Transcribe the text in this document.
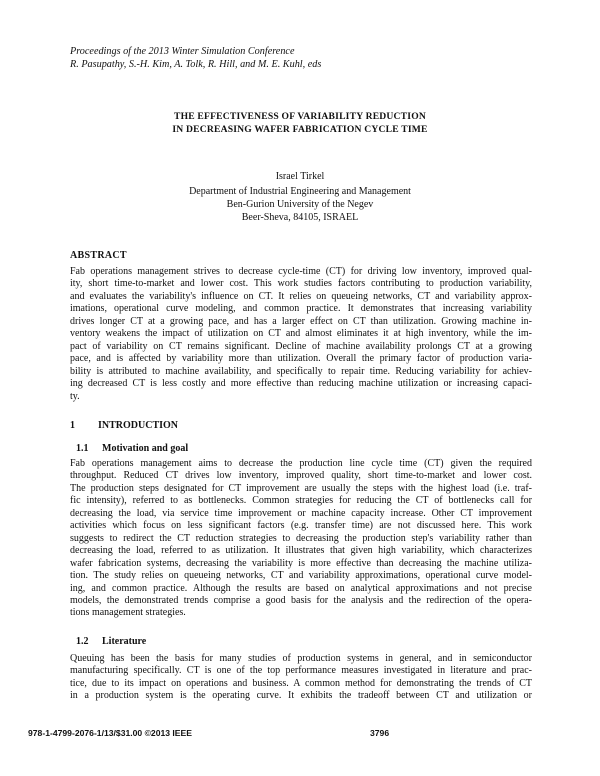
Proceedings of the 2013 Winter Simulation Conference
R. Pasupathy, S.-H. Kim, A. Tolk, R. Hill, and M. E. Kuhl, eds
THE EFFECTIVENESS OF VARIABILITY REDUCTION
IN DECREASING WAFER FABRICATION CYCLE TIME
Israel Tirkel
Department of Industrial Engineering and Management
Ben-Gurion University of the Negev
Beer-Sheva, 84105, ISRAEL
ABSTRACT
Fab operations management strives to decrease cycle-time (CT) for driving low inventory, improved qual-
ity, short time-to-market and lower cost. This work studies factors contributing to production variability,
and evaluates the variability's influence on CT. It relies on queueing networks, CT and variability approx-
imations, operational curve modeling, and common practice. It demonstrates that increasing variability
drives longer CT at a growing pace, and has a larger effect on CT than utilization. Growing machine in-
ventory weakens the impact of utilization on CT and almost eliminates it at high inventory, while the im-
pact of variability on CT remains significant. Decline of machine availability prolongs CT at a growing
pace, and is affected by variability more than utilization. Overall the primary factor of production varia-
bility is attributed to machine availability, and specifically to repair time. Reducing variability for achiev-
ing decreased CT is less costly and more effective than reducing machine utilization or increasing capaci-
ty.
1 INTRODUCTION
1.1 Motivation and goal
Fab operations management aims to decrease the production line cycle time (CT) given the required
throughput. Reduced CT drives low inventory, improved quality, short time-to-market and lower cost.
The production steps designated for CT improvement are usually the steps with the highest load (i.e. traf-
fic intensity), referred to as bottlenecks. Common strategies for reducing the CT of bottlenecks call for
decreasing the load, via service time improvement or machine capacity increase. Other CT improvement
activities which focus on less significant factors (e.g. transfer time) are not discussed here. This work
suggests to redirect the CT reduction strategies to decreasing the production step's variability rather than
decreasing the load, referred to as utilization. It illustrates that given high variability, which characterizes
wafer fabrication systems, decreasing the variability is more effective than decreasing the machine utiliza-
tion. The study relies on queueing networks, CT and variability approximations, operational curve model-
ing, and common practice. Although the results are based on analytical approximations and not precise
models, the demonstrated trends comprise a good basis for the analysis and the redirection of the opera-
tions management strategies.
1.2 Literature
Queuing has been the basis for many studies of production systems in general, and in semiconductor
manufacturing specifically. CT is one of the top performance measures investigated in literature and prac-
tice, due to its impact on operations and business. A common method for demonstrating the trends of CT
in a production system is the operating curve. It exhibits the tradeoff between CT and utilization or
978-1-4799-2076-1/13/$31.00 ©2013 IEEE	3796
